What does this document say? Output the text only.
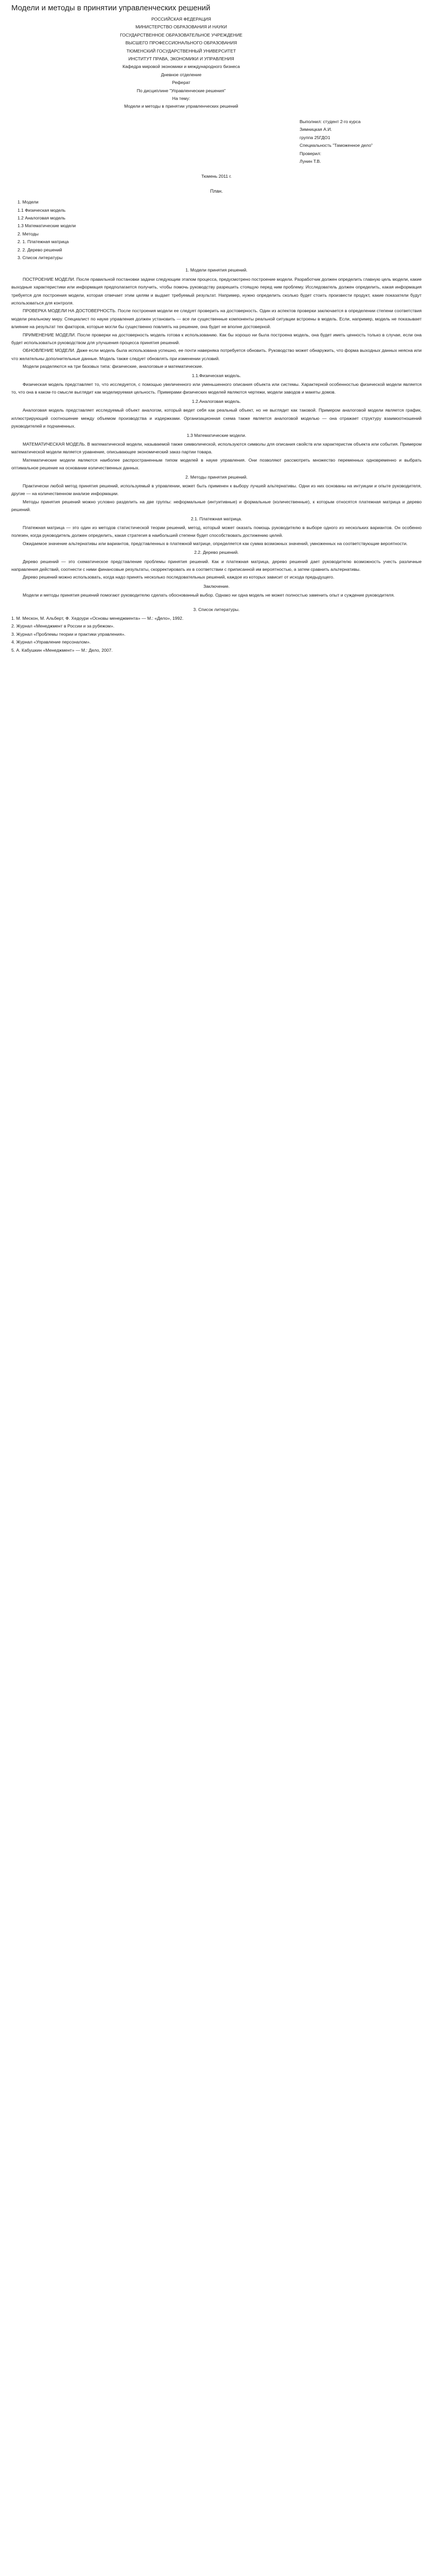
Модели и методы в принятии управленческих решений
РОССИЙСКАЯ ФЕДЕРАЦИЯ
МИНИСТЕРСТВО ОБРАЗОВАНИЯ И НАУКИ
ГОСУДАРСТВЕННОЕ ОБРАЗОВАТЕЛЬНОЕ УЧРЕЖДЕНИЕ
ВЫСШЕГО ПРОФЕССИОНАЛЬНОГО ОБРАЗОВАНИЯ
ТЮМЕНСКИЙ ГОСУДАРСТВЕННЫЙ УНИВЕРСИТЕТ
ИНСТИТУТ ПРАВА, ЭКОНОМИКИ И УПРАВЛЕНИЯ
Кафедра мировой экономики и международного бизнеса
Дневное отделение
Реферат
По дисциплине "Управленческие решения"
На тему:
Модели и методы в принятии управленческих решений
Выполнил: студент 2-го курса
Зимницкая А.И.
группа 25ГДО1
Специальность "Таможенное дело"
Проверил:
Лунин Т.В.
Тюмень 2011 г.
План.
1. Модели
1.1 Физическая модель
1.2 Аналоговая модель
1.3 Математические модели
2. Методы
2. 1. Платежная матрица
2. 2. Дерево решений
3. Список литературы
1. Модели принятия решений.

ПОСТРОЕНИЕ МОДЕЛИ. После правильной постановки задачи следующим этапом процесса, предусмотрено построение модели. Разработчик должен определить главную цель модели, какие выходные характеристики или информация предполагается получить, чтобы помочь руководству разрешить стоящую перед ним проблему. Исследователь должен определить, какая информация требуется для построения модели, которая отвечает этим целям и выдает требуемый результат. Например, нужно определить сколько будет стоить произвести продукт, какие показатели будут использоваться для контроля.

ПРОВЕРКА МОДЕЛИ НА ДОСТОВЕРНОСТЬ. После построения модели ее следует проверить на достоверность. Один из аспектов проверки заключается в определении степени соответствия модели реальному миру. Специалист по науке управления должен установить — все ли существенные компоненты реальной ситуации встроены в модель. Если, например, модель не показывает влияние на результат тех факторов, которые могли бы существенно повлиять на решение, она будет не вполне достоверной.

ПРИМЕНЕНИЕ МОДЕЛИ. После проверки на достоверность модель готова к использованию. Как бы хорошо ни была построена модель, она будет иметь ценность только в случае, если она будет использоваться руководством для улучшения процесса принятия решений.

ОБНОВЛЕНИЕ МОДЕЛИ. Даже если модель была использована успешно, ее почти наверняка потребуется обновить. Руководство может обнаружить, что форма выходных данных неясна или что желательны дополнительные данные. Модель также следует обновлять при изменении условий.

Модели разделяются на три базовых типа: физические, аналоговые и математические.

1.1.Физическая модель.

Физическая модель представляет то, что исследуется, с помощью увеличенного или уменьшенного описания объекта или системы. Характерной особенностью физической модели является то, что она в каком-то смысле выглядит как моделируемая цельность. Примерами физических моделей являются чертежи, модели заводов и макеты домов.

1.2.Аналоговая модель.

Аналоговая модель представляет исследуемый объект аналогом, который ведет себя как реальный объект, но не выглядит как таковой. Примером аналоговой модели является график, иллюстрирующий соотношение между объемом производства и издержками. Организационная схема также является аналоговой моделью — она отражает структуру взаимоотношений руководителей и подчиненных.

1.3 Математические модели.

МАТЕМАТИЧЕСКАЯ МОДЕЛЬ. В математической модели, называемой также символической, используются символы для описания свойств или характеристик объекта или события. Примером математической модели является уравнение, описывающее экономический заказ партии товара.

Математические модели являются наиболее распространенным типом моделей в науке управления. Они позволяют рассмотреть множество переменных одновременно и выбрать оптимальное решение на основании количественных данных.

2. Методы принятия решений.

Практически любой метод принятия решений, используемый в управлении, может быть применен к выбору лучшей альтернативы. Одни из них основаны на интуиции и опыте руководителя, другие — на количественном анализе информации.

Методы принятия решений можно условно разделить на две группы: неформальные (интуитивные) и формальные (количественные), к которым относятся платежная матрица и дерево решений.

2.1. Платежная матрица.

Платежная матрица — это один из методов статистической теории решений, метод, который может оказать помощь руководителю в выборе одного из нескольких вариантов. Он особенно полезен, когда руководитель должен определить, какая стратегия в наибольшей степени будет способствовать достижению целей.

Ожидаемое значение альтернативы или вариантов, представленных в платежной матрице, определяется как сумма возможных значений, умноженных на соответствующие вероятности.

2.2. Дерево решений.

Дерево решений — это схематическое представление проблемы принятия решений. Как и платежная матрица, дерево решений дает руководителю возможность учесть различные направления действий, соотнести с ними финансовые результаты, скорректировать их в соответствии с приписанной им вероятностью, а затем сравнить альтернативы.

Дерево решений можно использовать, когда надо принять несколько последовательных решений, каждое из которых зависит от исхода предыдущего.

Заключение.

Модели и методы принятия решений помогают руководителю сделать обоснованный выбор. Однако ни одна модель не может полностью заменить опыт и суждение руководителя.

3. Список литературы.

1. М. Мескон, М. Альберт, Ф. Хедоури «Основы менеджмента» — М.: «Дело», 1992.

2. Журнал «Менеджмент в России и за рубежом».

3. Журнал «Проблемы теории и практики управления».

4. Журнал «Управление персоналом».

5. А. Кабушкин «Менеджмент» — М.: Дело, 2007.
